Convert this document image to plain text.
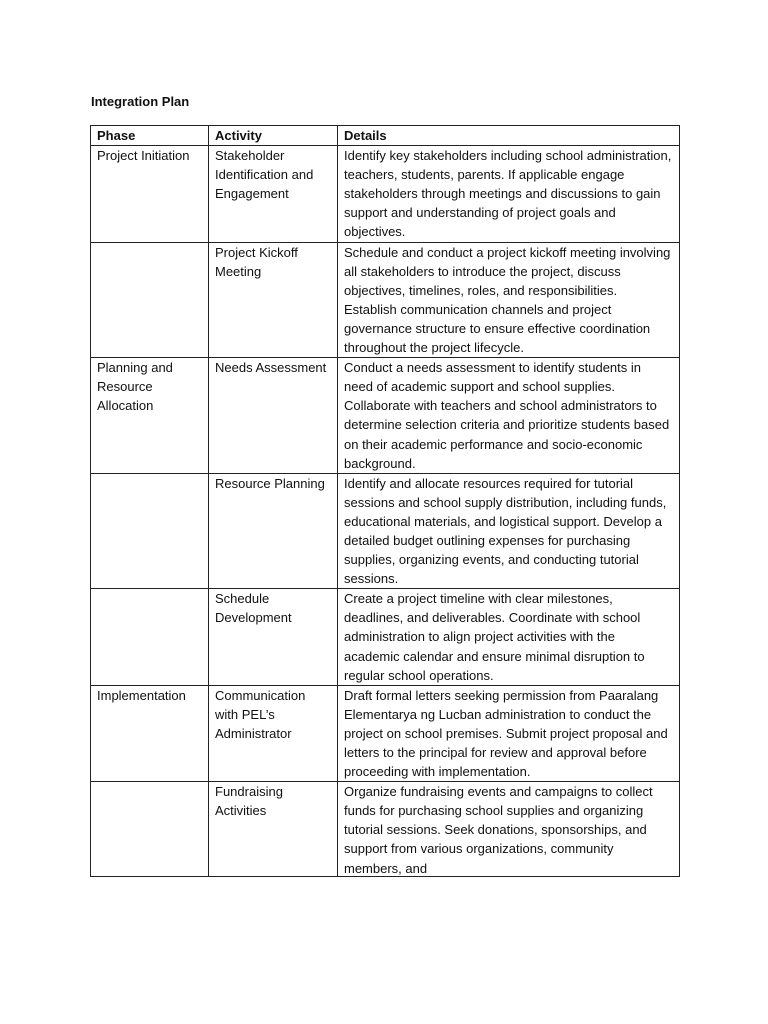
Integration Plan
Phase	Activity	Details
Project Initiation	Stakeholder Identification and Engagement	Identify key stakeholders including school administration, teachers, students, parents. If applicable engage stakeholders through meetings and discussions to gain support and understanding of project goals and objectives.
	Project Kickoff Meeting	Schedule and conduct a project kickoff meeting involving all stakeholders to introduce the project, discuss objectives, timelines, roles, and responsibilities. Establish communication channels and project governance structure to ensure effective coordination throughout the project lifecycle.
Planning and Resource Allocation	Needs Assessment	Conduct a needs assessment to identify students in need of academic support and school supplies. Collaborate with teachers and school administrators to determine selection criteria and prioritize students based on their academic performance and socio-economic background.
	Resource Planning	Identify and allocate resources required for tutorial sessions and school supply distribution, including funds, educational materials, and logistical support. Develop a detailed budget outlining expenses for purchasing supplies, organizing events, and conducting tutorial sessions.
	Schedule Development	Create a project timeline with clear milestones, deadlines, and deliverables. Coordinate with school administration to align project activities with the academic calendar and ensure minimal disruption to regular school operations.
Implementation	Communication with PEL’s Administrator	Draft formal letters seeking permission from Paaralang Elementarya ng Lucban administration to conduct the project on school premises. Submit project proposal and letters to the principal for review and approval before proceeding with implementation.
	Fundraising Activities	Organize fundraising events and campaigns to collect funds for purchasing school supplies and organizing tutorial sessions. Seek donations, sponsorships, and support from various organizations, community members, and
